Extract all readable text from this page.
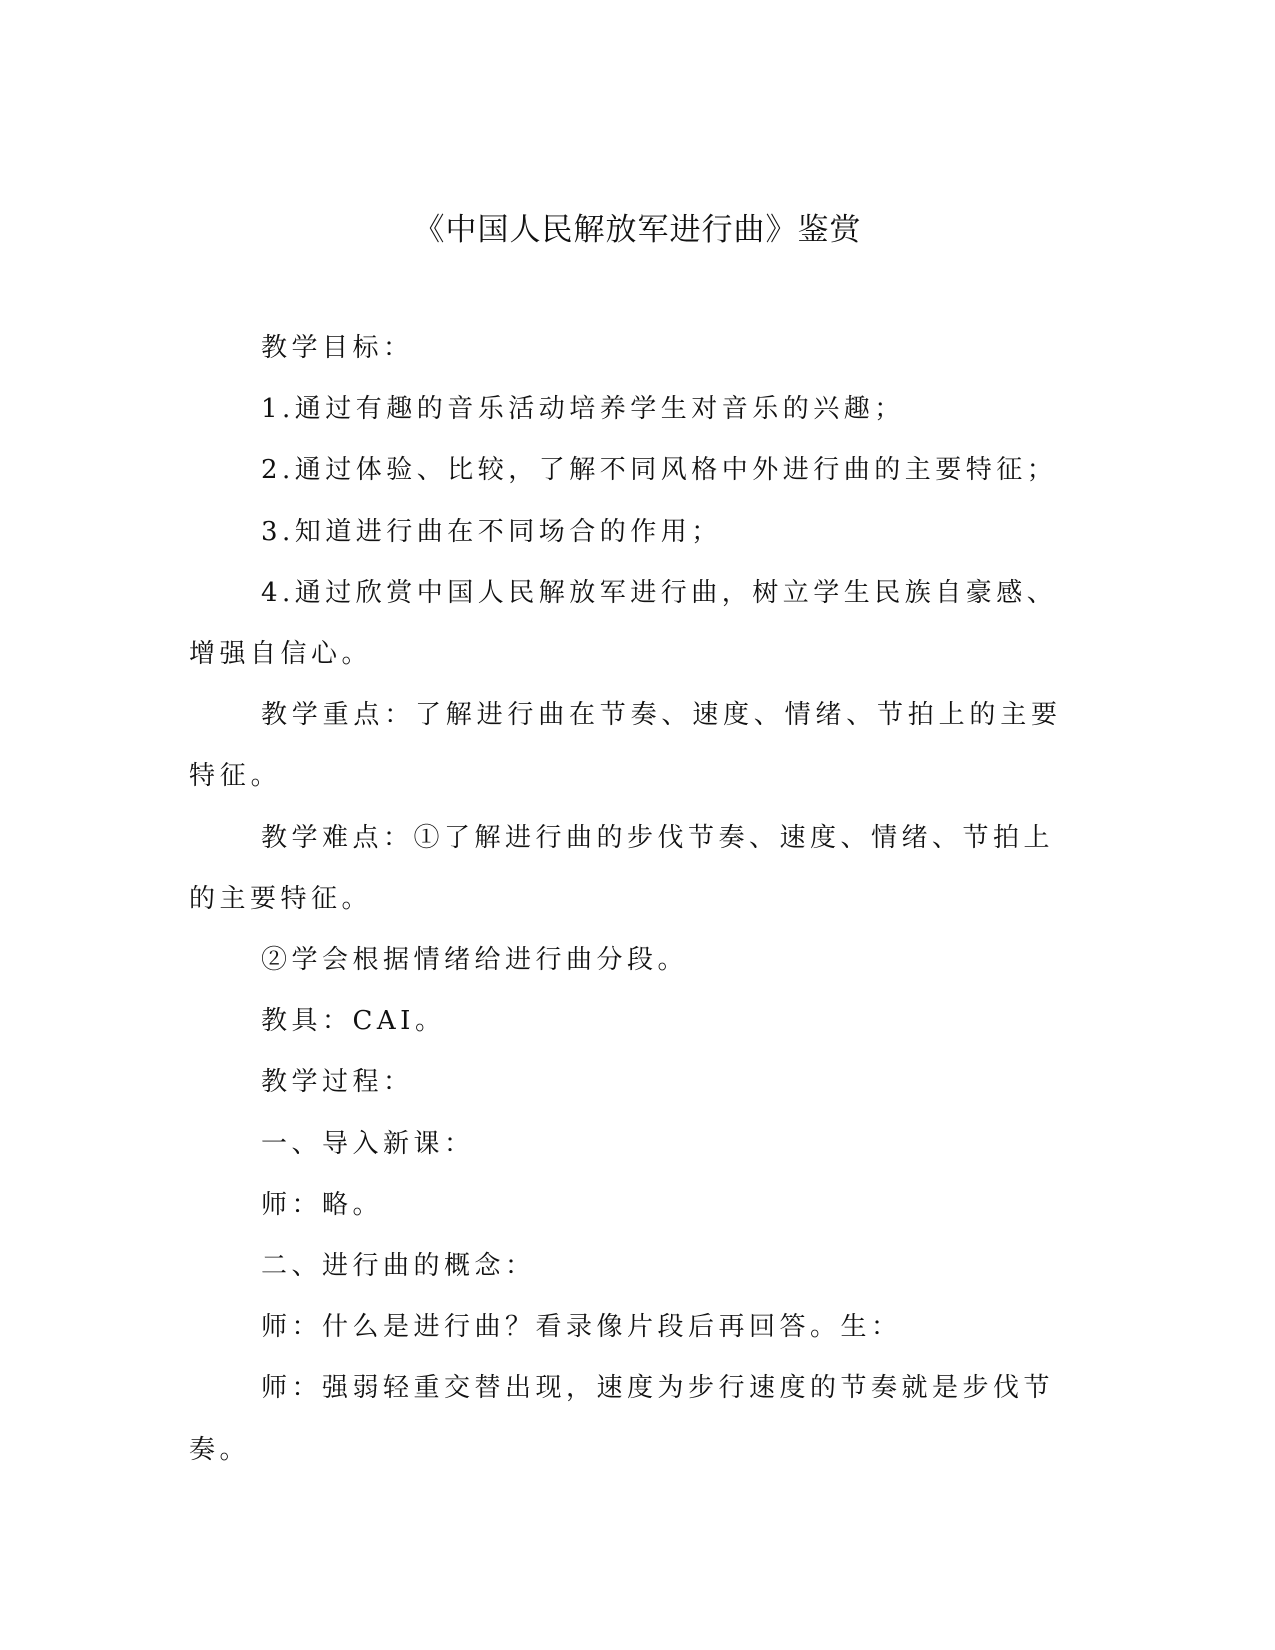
《中国人民解放军进行曲》鉴赏

教学目标：

1.通过有趣的音乐活动培养学生对音乐的兴趣；

2.通过体验、比较，了解不同风格中外进行曲的主要特征；

3.知道进行曲在不同场合的作用；

4.通过欣赏中国人民解放军进行曲，树立学生民族自豪感、增强自信心。

教学重点：了解进行曲在节奏、速度、情绪、节拍上的主要特征。

教学难点：①了解进行曲的步伐节奏、速度、情绪、节拍上的主要特征。

②学会根据情绪给进行曲分段。

教具：CAI。

教学过程：

一、导入新课：

师：略。

二、进行曲的概念：

师：什么是进行曲？看录像片段后再回答。生：

师：强弱轻重交替出现，速度为步行速度的节奏就是步伐节奏。
